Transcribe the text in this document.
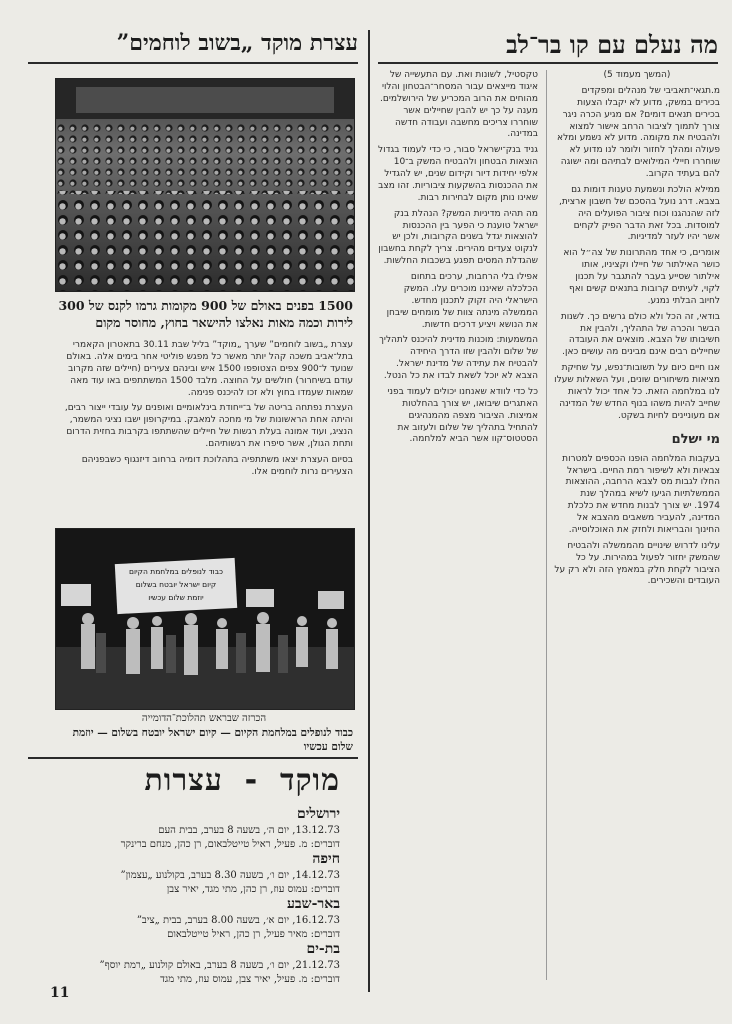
מה נעלם עם קו בר־לב
עצרת מוקד „בשוב לוחמים”
1500 בפנים באולם של 900 מקומות גרמו לקנס של 300 לירות וכמה מאות נאלצו להישאר בחוץ, מחוסר מקום

עצרת „בשוב לוחמים” שערך „מוקד” בליל שבת 30.11 בתאטרון הקאמרי בתל־אביב משכה קהל יותר מאשר כל מפגש פוליטי אחר בימים אלה. באולם שנועד ל־900 צפים הצטופפו 1500 איש ובינהם צעירים (חיילים שזה מקרוב עודם בשיחרור) חולשים על החוצה. מלבד 1500 המשתתפים באו עוד מאה שמאות שעמדו בחוץ ולא זכו להיכנס פנימה.

העצרת נפתחה בריטה של ב־ייחודת בינלאומיים ואופנים על עובדי ייצור רבים, והיתה אחת הראשונות של מי מחכה למאבק. במיקרופון ישבו נציגי המשמר, הנציג, ועוד אמונה בעלת רגשות של חיילים שהשתתפו בקרבות בחזית הדרום ותחת הגולן, אשר סיפרו את רגשותיהם.

בסיום העצרת יצאו משתתפיה בתהלוכת דומיה ברחוב דיזנגוף כשבפניהם הצעירים נרות לוחמים אלו.

כבוד לנופלים במלחמת הקיום
קיום ישראל יובטח בשלום
יוזמת שלום עכשיו
הכרזה שבראש תהלוכת־הדומייה
כבוד לנופלים במלחמת הקיום — קיום ישראל יובטח בשלום — יוזמת שלום עכשיו
מוקד - עצרות
ירושלים
13.12.73, יום ה׳, בשעה 8 בערב, בבית העם
דוברים: מ. פעיל, ראיל טייטלבאום, רן כהן, מנחם ברינקר
חיפה
14.12.73, יום ו׳, בשעה 8.30 בערב, בקולנוע „עצמון”
דוברים: עמוס עוז, רן כהן, מתי מגד, יאיר צבן
באר-שבע
16.12.73, יום א׳, בשעה 8.00 בערב, בבית „ציב”
דוברים: מאיר פעיל, רן כהן, ראיל טייטלבאום
בת-ים
21.12.73, יום ו׳, בשעה 8 בערב, באולם קולנוע „רמת יוסף”
דוברים: מ. פעיל, יאיר צבן, עמוס עוז, מתי מגד

(המשך מעמוד 5)

מ.תגאי־תאביבי של מנהלים ומפקדים בכירים במשק, מדוע לא יקבלו הצעות בכירים תנאים דומים? אם מגיע הכרה ניגר צורך לתמוך לציבור הרחב אישור למצוא ולהבטיח את מקומה. מדוע לא נשמע ומלא פעולה ומהלך לחזור ולומר לנו מדוע לא שוחררו חיילי המילואים לבתיהם ומה ישוגה להם בעתיד הקרוב.

ממילא הולכת ונשמעת טענות דומות גם בצבא. דרג נועל בהסכם של חשבון ארצית, לזה שהנהגנו וכוח ציבור הפועלים היה למוסדות. בכל זאת הדבר הפיק לקחים אשר יהיו לעזר למדיניות.

אומרים, כי אחד מהתרונות של צה״ל הוא כושר האילתור של חיילו וקציניו, אותו אילתור שסייע בעבר להתגבר על תכנון לקוי, לעיתים קרובות בתנאים קשים ואף לחיוב הבלתי נמנע.

בודאי, זה הכל ולא כולם גרשים כך. לשנות הבשר והכרה של התהליך, ולהבין את חשיבותו של הצבא. מוצאים את העובדה שחיילים רבים אינם מבינים מה עושים כאן.

אנו חיים כיום על תשובות־נפש, על שחיקת מציאות משיחורים שונים, ועל השאלות שעלו לנו במלחמה הזאת. כל אחד יכול לראות שחייב להיות משהו בנוף החדש של המדינה אם מעוניינים לחיות בשקט.

מי ישלם

בעקבות המלחמה הופנו הכספים למטרות צבאיות ולא לשיפור רמת החיים. בישראל החלו לגבות מס לצבא הרחבה, ההוצאות הממשלתיות הגיעו לשיא במהלך שנת 1974. יש צורך לבנות מחדש את כלכלת המדינה, להעביר משאבים מהצבא אל החינוך והבריאות ולחזק את האוכלוסייה.

עלינו לדרוש שינויים מהממשלה ולהבטיח שהמשק יחזור לפעול במהירות. על כל הציבור לקחת חלק במאמץ הזה ולא רק על העובדים והשכירים.

טקסטיל, לשונות ואת. עם התעשייה של איגוד מייצאים עבור המסחר־הבטחון והלוי מהוחים את הרוב המכריע של הירושלמים. מענה על כך יש להבין שחיילים אשר שוחררו צריכים מחשבה ועבודה חדשה במדינה.

גניד בנק־ישראל סבור, כי כדי לעמוד בגדול הוצאות הבטחון ולהבטיח המשק ב־10 אלפי יחידות דיור וקידום שנים, יש להגדיל את ההכנסות בהשקעות ציבוריות. זהו מצב שאינו נותן מקום לבחירות רבות.

מה תהיה מדיניות המשק? הנהלת בנק ישראל טוענת כי הפער בין ההכנסות להוצאות יגדל בשנים הקרובות, ולכן יש לנקוט צעדים מהירים. צריך לקחת בחשבון שהגדלת המסים תפגע בשכבות החלשות.

אפילו בלי הרחבות, ערכים בתחום הכלכלה שאיננו מוכרים עלו. המשק הישראלי היה זקוק לתכנון מחדש. הממשלה מינתה צוות של מומחים שיבחן את הנושא ויציע דרכים חדשות.

המשמעות: מוכנות מדינית להיכנס לתהליך של שלום ולהבין שזו הדרך היחידה להבטיח את עתידה של מדינת ישראל. הצבא לא יוכל לשאת לבדו את כל הנטל.

כל כדי לוודא שאנחנו יכולים לעמוד בפני האתגרים שיבואו, יש צורך בהחלטות אמיצות. הציבור מצפה מהמנהיגים להתחיל בתהליך של שלום ולעזוב את הסטטוס־קוו אשר הביא למלחמה.

11
